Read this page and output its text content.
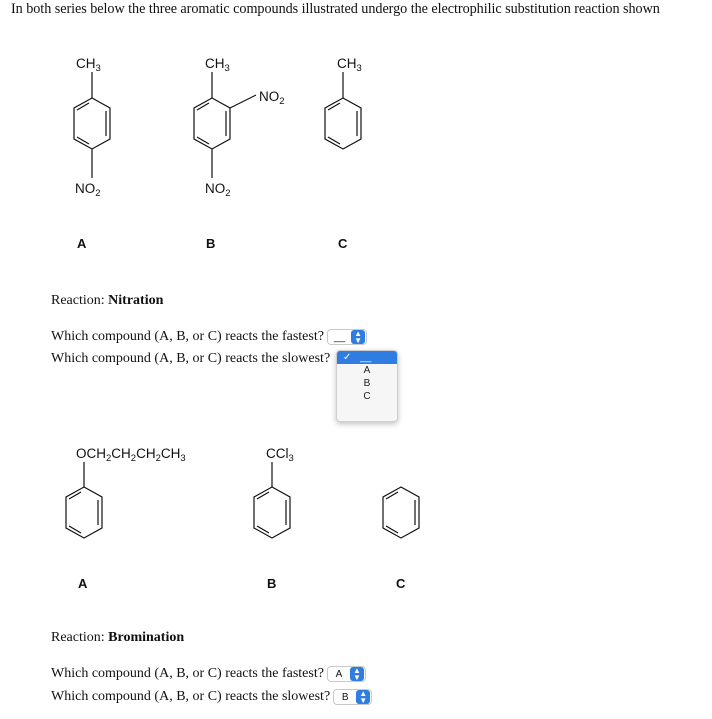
In both series below the three aromatic compounds illustrated undergo the electrophilic substitution reaction shown
$CH_3$
$NO_2$
$CH_3$
$NO_2$
$NO_2$
$CH_3$
$OCH_2CH_2CH_2CH_3$	CCl$_3$
A	B	C
Reaction: Nitration
Which compound (A, B, or C) reacts the fastest?	__	▲
▼
Which compound (A, B, or C) reacts the slowest?	✓ __
A
B
C
A	B	C
Reaction: Bromination
Which compound (A, B, or C) reacts the fastest?	A	▲
▼
Which compound (A, B, or C) reacts the slowest?	B	▲
▼
